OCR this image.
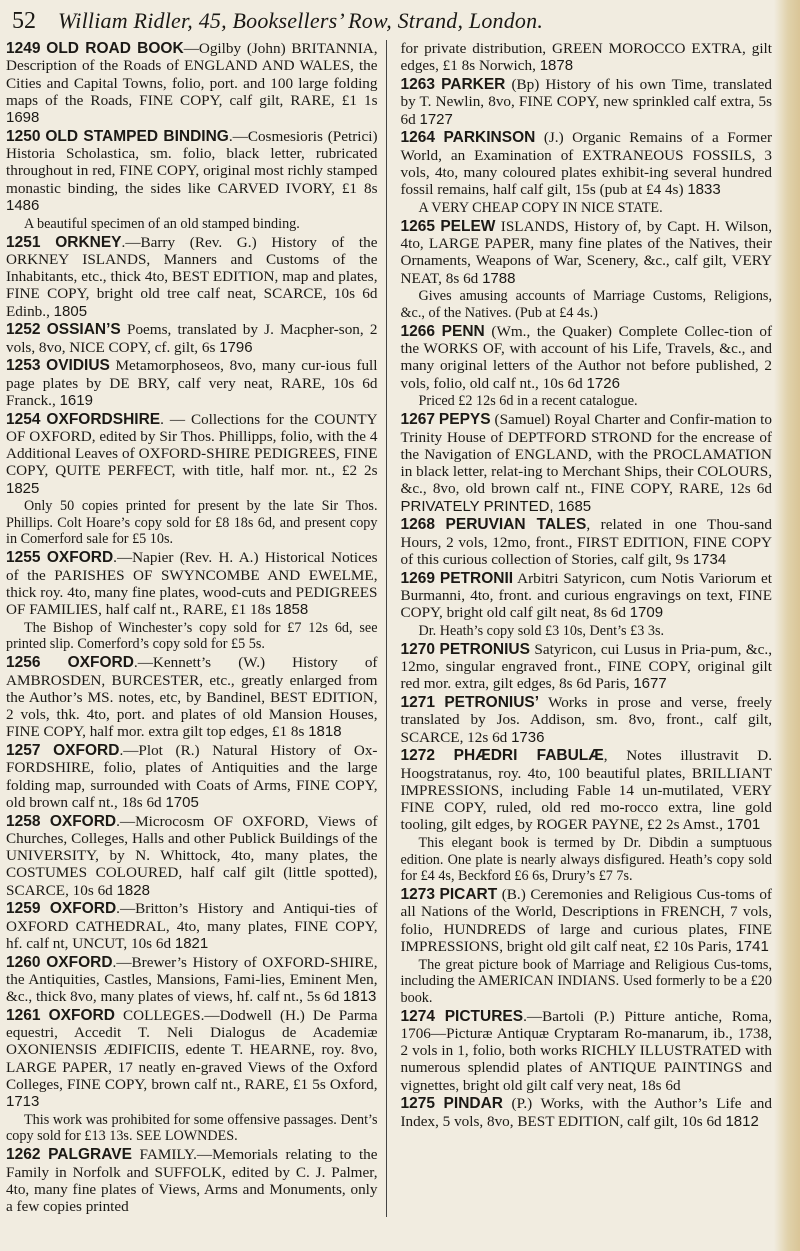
52	William Ridler, 45, Booksellers’ Row, Strand, London.

1249 OLD ROAD BOOK—Ogilby (John) BRITANNIA, Description of the Roads of ENGLAND AND WALES, the Cities and Capital Towns, folio, port. and 100 large folding maps of the Roads, FINE COPY, calf gilt, RARE, £1 1s 1698

1250 OLD STAMPED BINDING.—Cosmesioris (Petrici) Historia Scholastica, sm. folio, black letter, rubricated throughout in red, FINE COPY, original most richly stamped monastic binding, the sides like CARVED IVORY, £1 8s 1486

A beautiful specimen of an old stamped binding.

1251 ORKNEY.—Barry (Rev. G.) History of the ORKNEY ISLANDS, Manners and Customs of the Inhabitants, etc., thick 4to, BEST EDITION, map and plates, FINE COPY, bright old tree calf neat, SCARCE, 10s 6d Edinb., 1805

1252 OSSIAN’S Poems, translated by J. Macpher-son, 2 vols, 8vo, NICE COPY, cf. gilt, 6s 1796

1253 OVIDIUS Metamorphoseos, 8vo, many cur-ious full page plates by DE BRY, calf very neat, RARE, 10s 6d Franck., 1619

1254 OXFORDSHIRE. — Collections for the COUNTY OF OXFORD, edited by Sir Thos. Phillipps, folio, with the 4 Additional Leaves of OXFORD-SHIRE PEDIGREES, FINE COPY, QUITE PERFECT, with title, half mor. nt., £2 2s 1825

Only 50 copies printed for present by the late Sir Thos. Phillips. Colt Hoare’s copy sold for £8 18s 6d, and present copy in Comerford sale for £5 10s.

1255 OXFORD.—Napier (Rev. H. A.) Historical Notices of the PARISHES OF SWYNCOMBE AND EWELME, thick roy. 4to, many fine plates, wood-cuts and PEDIGREES OF FAMILIES, half calf nt., RARE, £1 18s 1858

The Bishop of Winchester’s copy sold for £7 12s 6d, see printed slip. Comerford’s copy sold for £5 5s.

1256 OXFORD.—Kennett’s (W.) History of AMBROSDEN, BURCESTER, etc., greatly enlarged from the Author’s MS. notes, etc, by Bandinel, BEST EDITION, 2 vols, thk. 4to, port. and plates of old Mansion Houses, FINE COPY, half mor. extra gilt top edges, £1 8s 1818

1257 OXFORD.—Plot (R.) Natural History of Ox-FORDSHIRE, folio, plates of Antiquities and the large folding map, surrounded with Coats of Arms, FINE COPY, old brown calf nt., 18s 6d 1705

1258 OXFORD.—Microcosm OF OXFORD, Views of Churches, Colleges, Halls and other Publick Buildings of the UNIVERSITY, by N. Whittock, 4to, many plates, the COSTUMES COLOURED, half calf gilt (little spotted), SCARCE, 10s 6d 1828

1259 OXFORD.—Britton’s History and Antiqui-ties of OXFORD CATHEDRAL, 4to, many plates, FINE COPY, hf. calf nt, UNCUT, 10s 6d 1821

1260 OXFORD.—Brewer’s History of OXFORD-SHIRE, the Antiquities, Castles, Mansions, Fami-lies, Eminent Men, &c., thick 8vo, many plates of views, hf. calf nt., 5s 6d 1813

1261 OXFORD COLLEGES.—Dodwell (H.) De Parma equestri, Accedit T. Neli Dialogus de Academiæ OXONIENSIS ÆDIFICIIS, edente T. HEARNE, roy. 8vo, LARGE PAPER, 17 neatly en-graved Views of the Oxford Colleges, FINE COPY, brown calf nt., RARE, £1 5s Oxford, 1713

This work was prohibited for some offensive passages. Dent’s copy sold for £13 13s. SEE LOWNDES.

1262 PALGRAVE FAMILY.—Memorials relating to the Family in Norfolk and SUFFOLK, edited by C. J. Palmer, 4to, many fine plates of Views, Arms and Monuments, only a few copies printed

for private distribution, GREEN MOROCCO EXTRA, gilt edges, £1 8s Norwich, 1878

1263 PARKER (Bp) History of his own Time, translated by T. Newlin, 8vo, FINE COPY, new sprinkled calf extra, 5s 6d 1727

1264 PARKINSON (J.) Organic Remains of a Former World, an Examination of EXTRANEOUS FOSSILS, 3 vols, 4to, many coloured plates exhibit-ing several hundred fossil remains, half calf gilt, 15s (pub at £4 4s) 1833

A VERY CHEAP COPY IN NICE STATE.

1265 PELEW ISLANDS, History of, by Capt. H. Wilson, 4to, LARGE PAPER, many fine plates of the Natives, their Ornaments, Weapons of War, Scenery, &c., calf gilt, VERY NEAT, 8s 6d 1788

Gives amusing accounts of Marriage Customs, Religions, &c., of the Natives. (Pub at £4 4s.)

1266 PENN (Wm., the Quaker) Complete Collec-tion of the WORKS OF, with account of his Life, Travels, &c., and many original letters of the Author not before published, 2 vols, folio, old calf nt., 10s 6d 1726

Priced £2 12s 6d in a recent catalogue.

1267 PEPYS (Samuel) Royal Charter and Confir-mation to Trinity House of DEPTFORD STROND for the encrease of the Navigation of ENGLAND, with the PROCLAMATION in black letter, relat-ing to Merchant Ships, their COLOURS, &c., 8vo, old brown calf nt., FINE COPY, RARE, 12s 6d PRIVATELY PRINTED, 1685

1268 PERUVIAN TALES, related in one Thou-sand Hours, 2 vols, 12mo, front., FIRST EDITION, FINE COPY of this curious collection of Stories, calf gilt, 9s 1734

1269 PETRONII Arbitri Satyricon, cum Notis Variorum et Burmanni, 4to, front. and curious engravings on text, FINE COPY, bright old calf gilt neat, 8s 6d 1709

Dr. Heath’s copy sold £3 10s, Dent’s £3 3s.

1270 PETRONIUS Satyricon, cui Lusus in Pria-pum, &c., 12mo, singular engraved front., FINE COPY, original gilt red mor. extra, gilt edges, 8s 6d Paris, 1677

1271 PETRONIUS’ Works in prose and verse, freely translated by Jos. Addison, sm. 8vo, front., calf gilt, SCARCE, 12s 6d 1736

1272 PHÆDRI FABULÆ, Notes illustravit D. Hoogstratanus, roy. 4to, 100 beautiful plates, BRILLIANT IMPRESSIONS, including Fable 14 un-mutilated, VERY FINE COPY, ruled, old red mo-rocco extra, line gold tooling, gilt edges, by ROGER PAYNE, £2 2s Amst., 1701

This elegant book is termed by Dr. Dibdin a sumptuous edition. One plate is nearly always disfigured. Heath’s copy sold for £4 4s, Beckford £6 6s, Drury’s £7 7s.

1273 PICART (B.) Ceremonies and Religious Cus-toms of all Nations of the World, Descriptions in FRENCH, 7 vols, folio, HUNDREDS of large and curious plates, FINE IMPRESSIONS, bright old gilt calf neat, £2 10s Paris, 1741

The great picture book of Marriage and Religious Cus-toms, including the AMERICAN INDIANS. Used formerly to be a £20 book.

1274 PICTURES.—Bartoli (P.) Pitture antiche, Roma, 1706—Picturæ Antiquæ Cryptaram Ro-manarum, ib., 1738, 2 vols in 1, folio, both works RICHLY ILLUSTRATED with numerous splendid plates of ANTIQUE PAINTINGS and vignettes, bright old gilt calf very neat, 18s 6d

1275 PINDAR (P.) Works, with the Author’s Life and Index, 5 vols, 8vo, BEST EDITION, calf gilt, 10s 6d 1812
